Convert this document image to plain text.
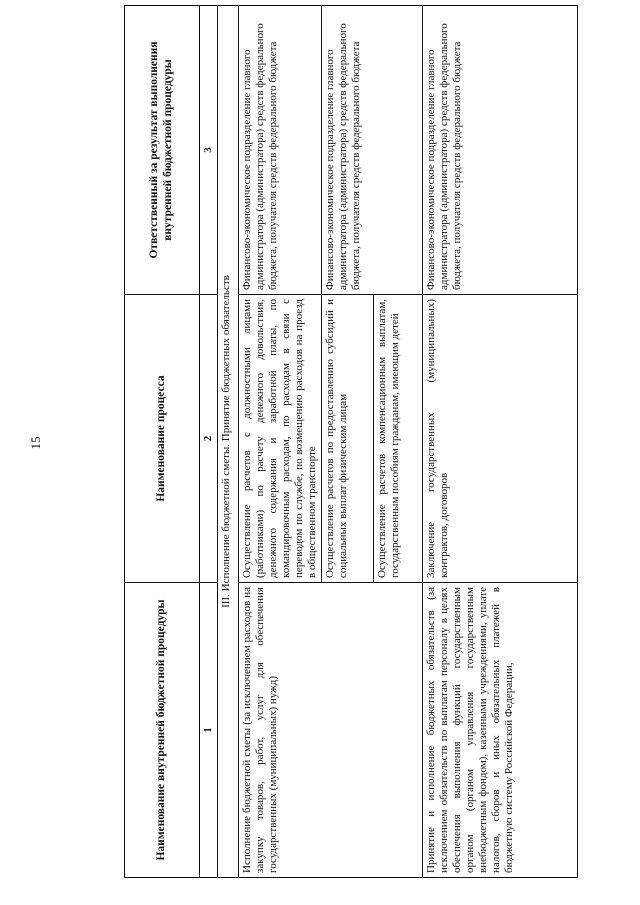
15
Наименование внутренней бюджетной процедуры	Наименование процесса	Ответственный за результат выполнения внутренней бюджетной процедуры
1	2	3
III. Исполнение бюджетной сметы. Принятие бюджетных обязательств		
Исполнение бюджетной сметы (за исключением расходов на закупку товаров, работ, услуг для обеспечения государственных (муниципальных) нужд)	Осуществление расчетов с должностными лицами (работниками) по расчету денежного довольствия, денежного содержания и заработной платы, по командировочным расходам, по расходам в связи с переводом по службе, по возмещению расходов на проезд в общественном транспорте	Финансово-экономическое подразделение главного администратора (администратора) средств федерального бюджета, получателя средств федерального бюджета
	Осуществление расчетов по предоставлению субсидий и социальных выплат физическим лицам	Финансово-экономическое подразделение главного администратора (администратора) средств федерального бюджета, получателя средств федерального бюджета
	Осуществление расчетов компенсационным выплатам, государственным пособиям гражданам, имеющим детей	
Принятие и исполнение бюджетных обязательств (за исключением обязательств по выплатам персоналу в целях обеспечения выполнения функций государственным органом (органом управления государственным внебюджетным фондом), казенными учреждениями, уплате налогов, сборов и иных обязательных платежей в бюджетную систему Российской Федерации,	Заключение государственных (муниципальных) контрактов, договоров	Финансово-экономическое подразделение главного администратора (администратора) средств федерального бюджета, получателя средств федерального бюджета
